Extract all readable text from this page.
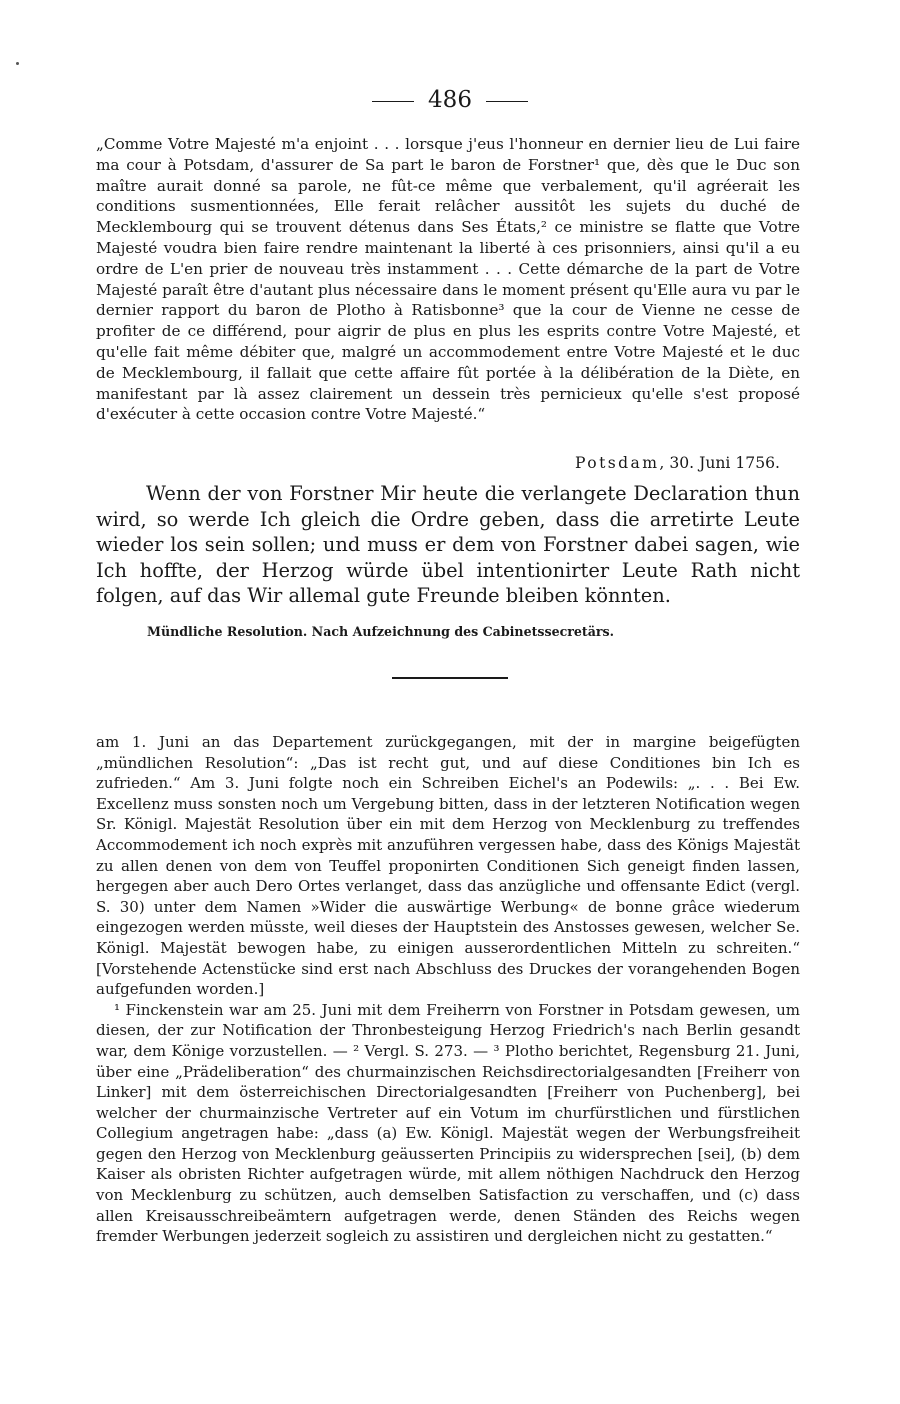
486

„Comme Votre Majesté m'a enjoint . . . lorsque j'eus l'honneur en dernier lieu de Lui faire ma cour à Potsdam, d'assurer de Sa part le baron de Forstner¹ que, dès que le Duc son maître aurait donné sa parole, ne fût-ce même que verbalement, qu'il agréerait les conditions susmentionnées, Elle ferait relâcher aussitôt les sujets du duché de Mecklembourg qui se trouvent détenus dans Ses États,² ce ministre se flatte que Votre Majesté voudra bien faire rendre maintenant la liberté à ces prisonniers, ainsi qu'il a eu ordre de L'en prier de nouveau très instamment . . . Cette démarche de la part de Votre Majesté paraît être d'autant plus nécessaire dans le moment présent qu'Elle aura vu par le dernier rapport du baron de Plotho à Ratisbonne³ que la cour de Vienne ne cesse de profiter de ce différend, pour aigrir de plus en plus les esprits contre Votre Majesté, et qu'elle fait même débiter que, malgré un accommodement entre Votre Majesté et le duc de Mecklembourg, il fallait que cette affaire fût portée à la délibération de la Diète, en manifestant par là assez clairement un dessein très pernicieux qu'elle s'est proposé d'exécuter à cette occasion contre Votre Majesté.“

Potsdam, 30. Juni 1756.

Wenn der von Forstner Mir heute die verlangete Declaration thun wird, so werde Ich gleich die Ordre geben, dass die arretirte Leute wieder los sein sollen; und muss er dem von Forstner dabei sagen, wie Ich hoffte, der Herzog würde übel intentionirter Leute Rath nicht folgen, auf das Wir allemal gute Freunde bleiben könnten.

Mündliche Resolution. Nach Aufzeichnung des Cabinetssecretärs.

am 1. Juni an das Departement zurückgegangen, mit der in margine beigefügten „mündlichen Resolution“: „Das ist recht gut, und auf diese Conditiones bin Ich es zufrieden.“ Am 3. Juni folgte noch ein Schreiben Eichel's an Podewils: „. . . Bei Ew. Excellenz muss sonsten noch um Vergebung bitten, dass in der letzteren Notification wegen Sr. Königl. Majestät Resolution über ein mit dem Herzog von Mecklenburg zu treffendes Accommodement ich noch exprès mit anzuführen vergessen habe, dass des Königs Majestät zu allen denen von dem von Teuffel proponirten Conditionen Sich geneigt finden lassen, hergegen aber auch Dero Ortes verlanget, dass das anzügliche und offensante Edict (vergl. S. 30) unter dem Namen »Wider die auswärtige Werbung« de bonne grâce wiederum eingezogen werden müsste, weil dieses der Hauptstein des Anstosses gewesen, welcher Se. Königl. Majestät bewogen habe, zu einigen ausserordentlichen Mitteln zu schreiten.“ [Vorstehende Actenstücke sind erst nach Abschluss des Druckes der vorangehenden Bogen aufgefunden worden.]

¹ Finckenstein war am 25. Juni mit dem Freiherrn von Forstner in Potsdam gewesen, um diesen, der zur Notification der Thronbesteigung Herzog Friedrich's nach Berlin gesandt war, dem Könige vorzustellen. — ² Vergl. S. 273. — ³ Plotho berichtet, Regensburg 21. Juni, über eine „Prädeliberation“ des churmainzischen Reichsdirectorialgesandten [Freiherr von Linker] mit dem österreichischen Directorialgesandten [Freiherr von Puchenberg], bei welcher der churmainzische Vertreter auf ein Votum im churfürstlichen und fürstlichen Collegium angetragen habe: „dass (a) Ew. Königl. Majestät wegen der Werbungsfreiheit gegen den Herzog von Mecklenburg geäusserten Principiis zu widersprechen [sei], (b) dem Kaiser als obristen Richter aufgetragen würde, mit allem nöthigen Nachdruck den Herzog von Mecklenburg zu schützen, auch demselben Satisfaction zu verschaffen, und (c) dass allen Kreisausschreibeämtern aufgetragen werde, denen Ständen des Reichs wegen fremder Werbungen jederzeit sogleich zu assistiren und dergleichen nicht zu gestatten.“
